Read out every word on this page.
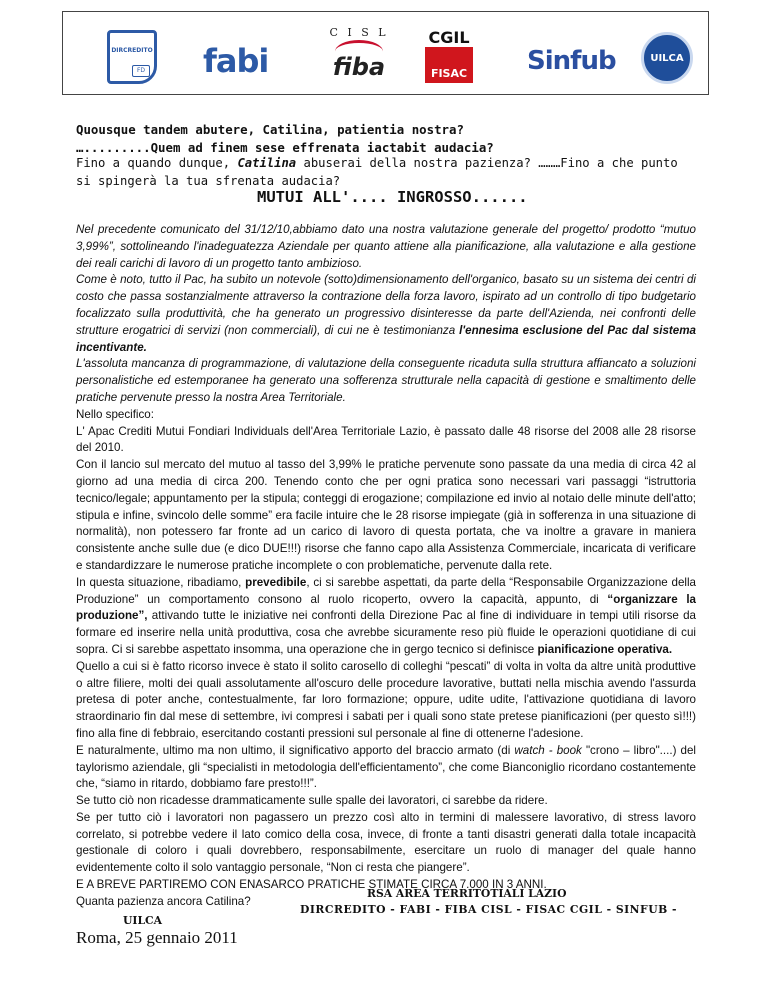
DIRCREDITO
FD fabi
C I S L
fiba
CGIL
FISAC Sinfub	UILCA
Quousque tandem abutere, Catilina, patientia nostra?
….........Quem ad finem sese effrenata iactabit audacia?
Fino a quando dunque, Catilina abuserai della nostra pazienza? ………Fino a che punto si spingerà la tua sfrenata audacia?
MUTUI ALL'.... INGROSSO......

Nel precedente comunicato del 31/12/10,abbiamo dato una nostra valutazione generale del progetto/ prodotto “mutuo 3,99%”, sottolineando l'inadeguatezza Aziendale per quanto attiene alla pianificazione, alla valutazione e alla gestione dei reali carichi di lavoro di un progetto tanto ambizioso.

Come è noto, tutto il Pac, ha subito un notevole (sotto)dimensionamento dell'organico, basato su un sistema dei centri di costo che passa sostanzialmente attraverso la contrazione della forza lavoro, ispirato ad un controllo di tipo budgetario focalizzato sulla produttività, che ha generato un progressivo disinteresse da parte dell'Azienda, nei confronti delle strutture erogatrici di servizi (non commerciali), di cui ne è testimonianza l'ennesima esclusione del Pac dal sistema incentivante.

L'assoluta mancanza di programmazione, di valutazione della conseguente ricaduta sulla struttura affiancato a soluzioni personalistiche ed estemporanee ha generato una sofferenza strutturale nella capacità di gestione e smaltimento delle pratiche pervenute presso la nostra Area Territoriale.

Nello specifico:

L' Apac Crediti Mutui Fondiari Individuals dell'Area Territoriale Lazio, è passato dalle 48 risorse del 2008 alle 28 risorse del 2010.

Con il lancio sul mercato del mutuo al tasso del 3,99% le pratiche pervenute sono passate da una media di circa 42 al giorno ad una media di circa 200. Tenendo conto che per ogni pratica sono necessari vari passaggi “istruttoria tecnico/legale; appuntamento per la stipula; conteggi di erogazione; compilazione ed invio al notaio delle minute dell'atto; stipula e infine, svincolo delle somme” era facile intuire che le 28 risorse impiegate (già in sofferenza in una situazione di normalità), non potessero far fronte ad un carico di lavoro di questa portata, che va inoltre a gravare in maniera consistente anche sulle due (e dico DUE!!!) risorse che fanno capo alla Assistenza Commerciale, incaricata di verificare e standardizzare le numerose pratiche incomplete o con problematiche, pervenute dalla rete.

In questa situazione, ribadiamo, prevedibile, ci si sarebbe aspettati, da parte della “Responsabile Organizzazione della Produzione” un comportamento consono al ruolo ricoperto, ovvero la capacità, appunto, di “organizzare la produzione”, attivando tutte le iniziative nei confronti della Direzione Pac al fine di individuare in tempi utili risorse da formare ed inserire nella unità produttiva, cosa che avrebbe sicuramente reso più fluide le operazioni quotidiane di cui sopra. Ci si sarebbe aspettato insomma, una operazione che in gergo tecnico si definisce pianificazione operativa.

Quello a cui si è fatto ricorso invece è stato il solito carosello di colleghi “pescati” di volta in volta da altre unità produttive o altre filiere, molti dei quali assolutamente all'oscuro delle procedure lavorative, buttati nella mischia avendo l'assurda pretesa di poter anche, contestualmente, far loro formazione; oppure, udite udite, l'attivazione quotidiana di lavoro straordinario fin dal mese di settembre, ivi compresi i sabati per i quali sono state pretese pianificazioni (per questo sì!!!) fino alla fine di febbraio, esercitando costanti pressioni sul personale al fine di ottenerne l'adesione.

E naturalmente, ultimo ma non ultimo, il significativo apporto del braccio armato (di watch - book "crono – libro"....) del taylorismo aziendale, gli “specialisti in metodologia dell'efficientamento”, che come Bianconiglio ricordano costantemente che, “siamo in ritardo, dobbiamo fare presto!!!”.

Se tutto ciò non ricadesse drammaticamente sulle spalle dei lavoratori, ci sarebbe da ridere.

Se per tutto ciò i lavoratori non pagassero un prezzo così alto in termini di malessere lavorativo, di stress lavoro correlato, si potrebbe vedere il lato comico della cosa, invece, di fronte a tanti disastri generati dalla totale incapacità gestionale di coloro i quali dovrebbero, responsabilmente, esercitare un ruolo di manager del quale hanno evidentemente colto il solo vantaggio personale, “Non ci resta che piangere”.

E A BREVE PARTIREMO CON ENASARCO PRATICHE STIMATE CIRCA 7.000 IN 3 ANNI.

Quanta pazienza ancora Catilina?

RSA AREA TERRITOTIALI LAZIO
DIRCREDITO - FABI - FIBA CISL - FISAC CGIL - SINFUB -
UILCA
Roma, 25 gennaio 2011
